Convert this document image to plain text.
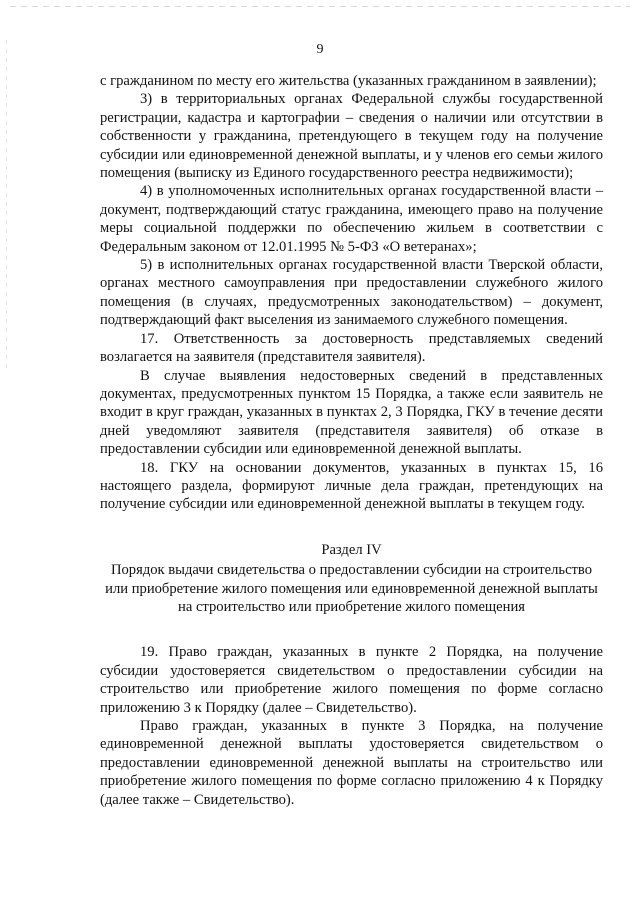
9

с гражданином по месту его жительства (указанных гражданином в заявлении);

3) в территориальных органах Федеральной службы государственной регистрации, кадастра и картографии – сведения о наличии или отсутствии в собственности у гражданина, претендующего в текущем году на получение субсидии или единовременной денежной выплаты, и у членов его семьи жилого помещения (выписку из Единого государственного реестра недвижимости);

4) в уполномоченных исполнительных органах государственной власти – документ, подтверждающий статус гражданина, имеющего право на получение меры социальной поддержки по обеспечению жильем в соответствии с Федеральным законом от 12.01.1995 № 5-ФЗ «О ветеранах»;

5) в исполнительных органах государственной власти Тверской области, органах местного самоуправления при предоставлении служебного жилого помещения (в случаях, предусмотренных законодательством) – документ, подтверждающий факт выселения из занимаемого служебного помещения.

17. Ответственность за достоверность представляемых сведений возлагается на заявителя (представителя заявителя).

В случае выявления недостоверных сведений в представленных документах, предусмотренных пунктом 15 Порядка, а также если заявитель не входит в круг граждан, указанных в пунктах 2, 3 Порядка, ГКУ в течение десяти дней уведомляют заявителя (представителя заявителя) об отказе в предоставлении субсидии или единовременной денежной выплаты.

18. ГКУ на основании документов, указанных в пунктах 15, 16 настоящего раздела, формируют личные дела граждан, претендующих на получение субсидии или единовременной денежной выплаты в текущем году.

Раздел IV
Порядок выдачи свидетельства о предоставлении субсидии на строительство или приобретение жилого помещения или единовременной денежной выплаты на строительство или приобретение жилого помещения

19. Право граждан, указанных в пункте 2 Порядка, на получение субсидии удостоверяется свидетельством о предоставлении субсидии на строительство или приобретение жилого помещения по форме согласно приложению 3 к Порядку (далее – Свидетельство).

Право граждан, указанных в пункте 3 Порядка, на получение единовременной денежной выплаты удостоверяется свидетельством о предоставлении единовременной денежной выплаты на строительство или приобретение жилого помещения по форме согласно приложению 4 к Порядку (далее также – Свидетельство).
